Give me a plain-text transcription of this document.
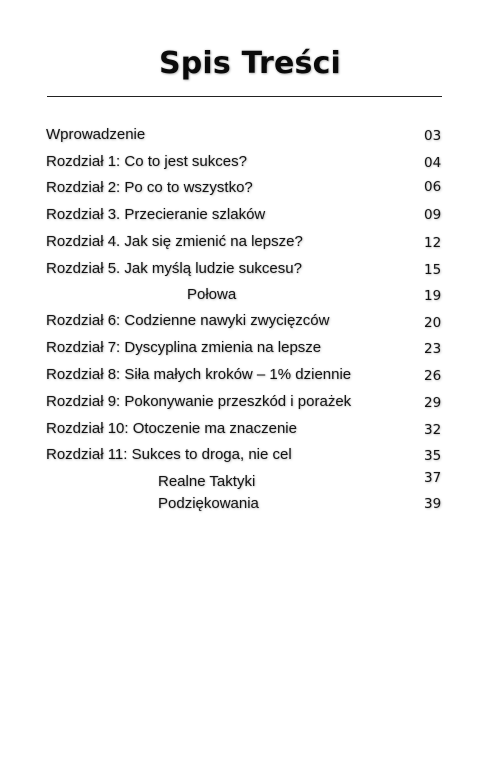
Spis Treści
Wprowadzenie	03
Rozdział 1: Co to jest sukces?	04
Rozdział 2: Po co to wszystko?	06
Rozdział 3. Przecieranie szlaków	09
Rozdział 4. Jak się zmienić na lepsze?	12
Rozdział 5. Jak myślą ludzie sukcesu?	15
Połowa	19
Rozdział 6: Codzienne nawyki zwycięzców	20
Rozdział 7: Dyscyplina zmienia na lepsze	23
Rozdział 8: Siła małych kroków – 1% dziennie	26
Rozdział 9: Pokonywanie przeszkód i porażek	29
Rozdział 10: Otoczenie ma znaczenie	32
Rozdział 11: Sukces to droga, nie cel	35
Realne Taktyki	37
Podziękowania	39
